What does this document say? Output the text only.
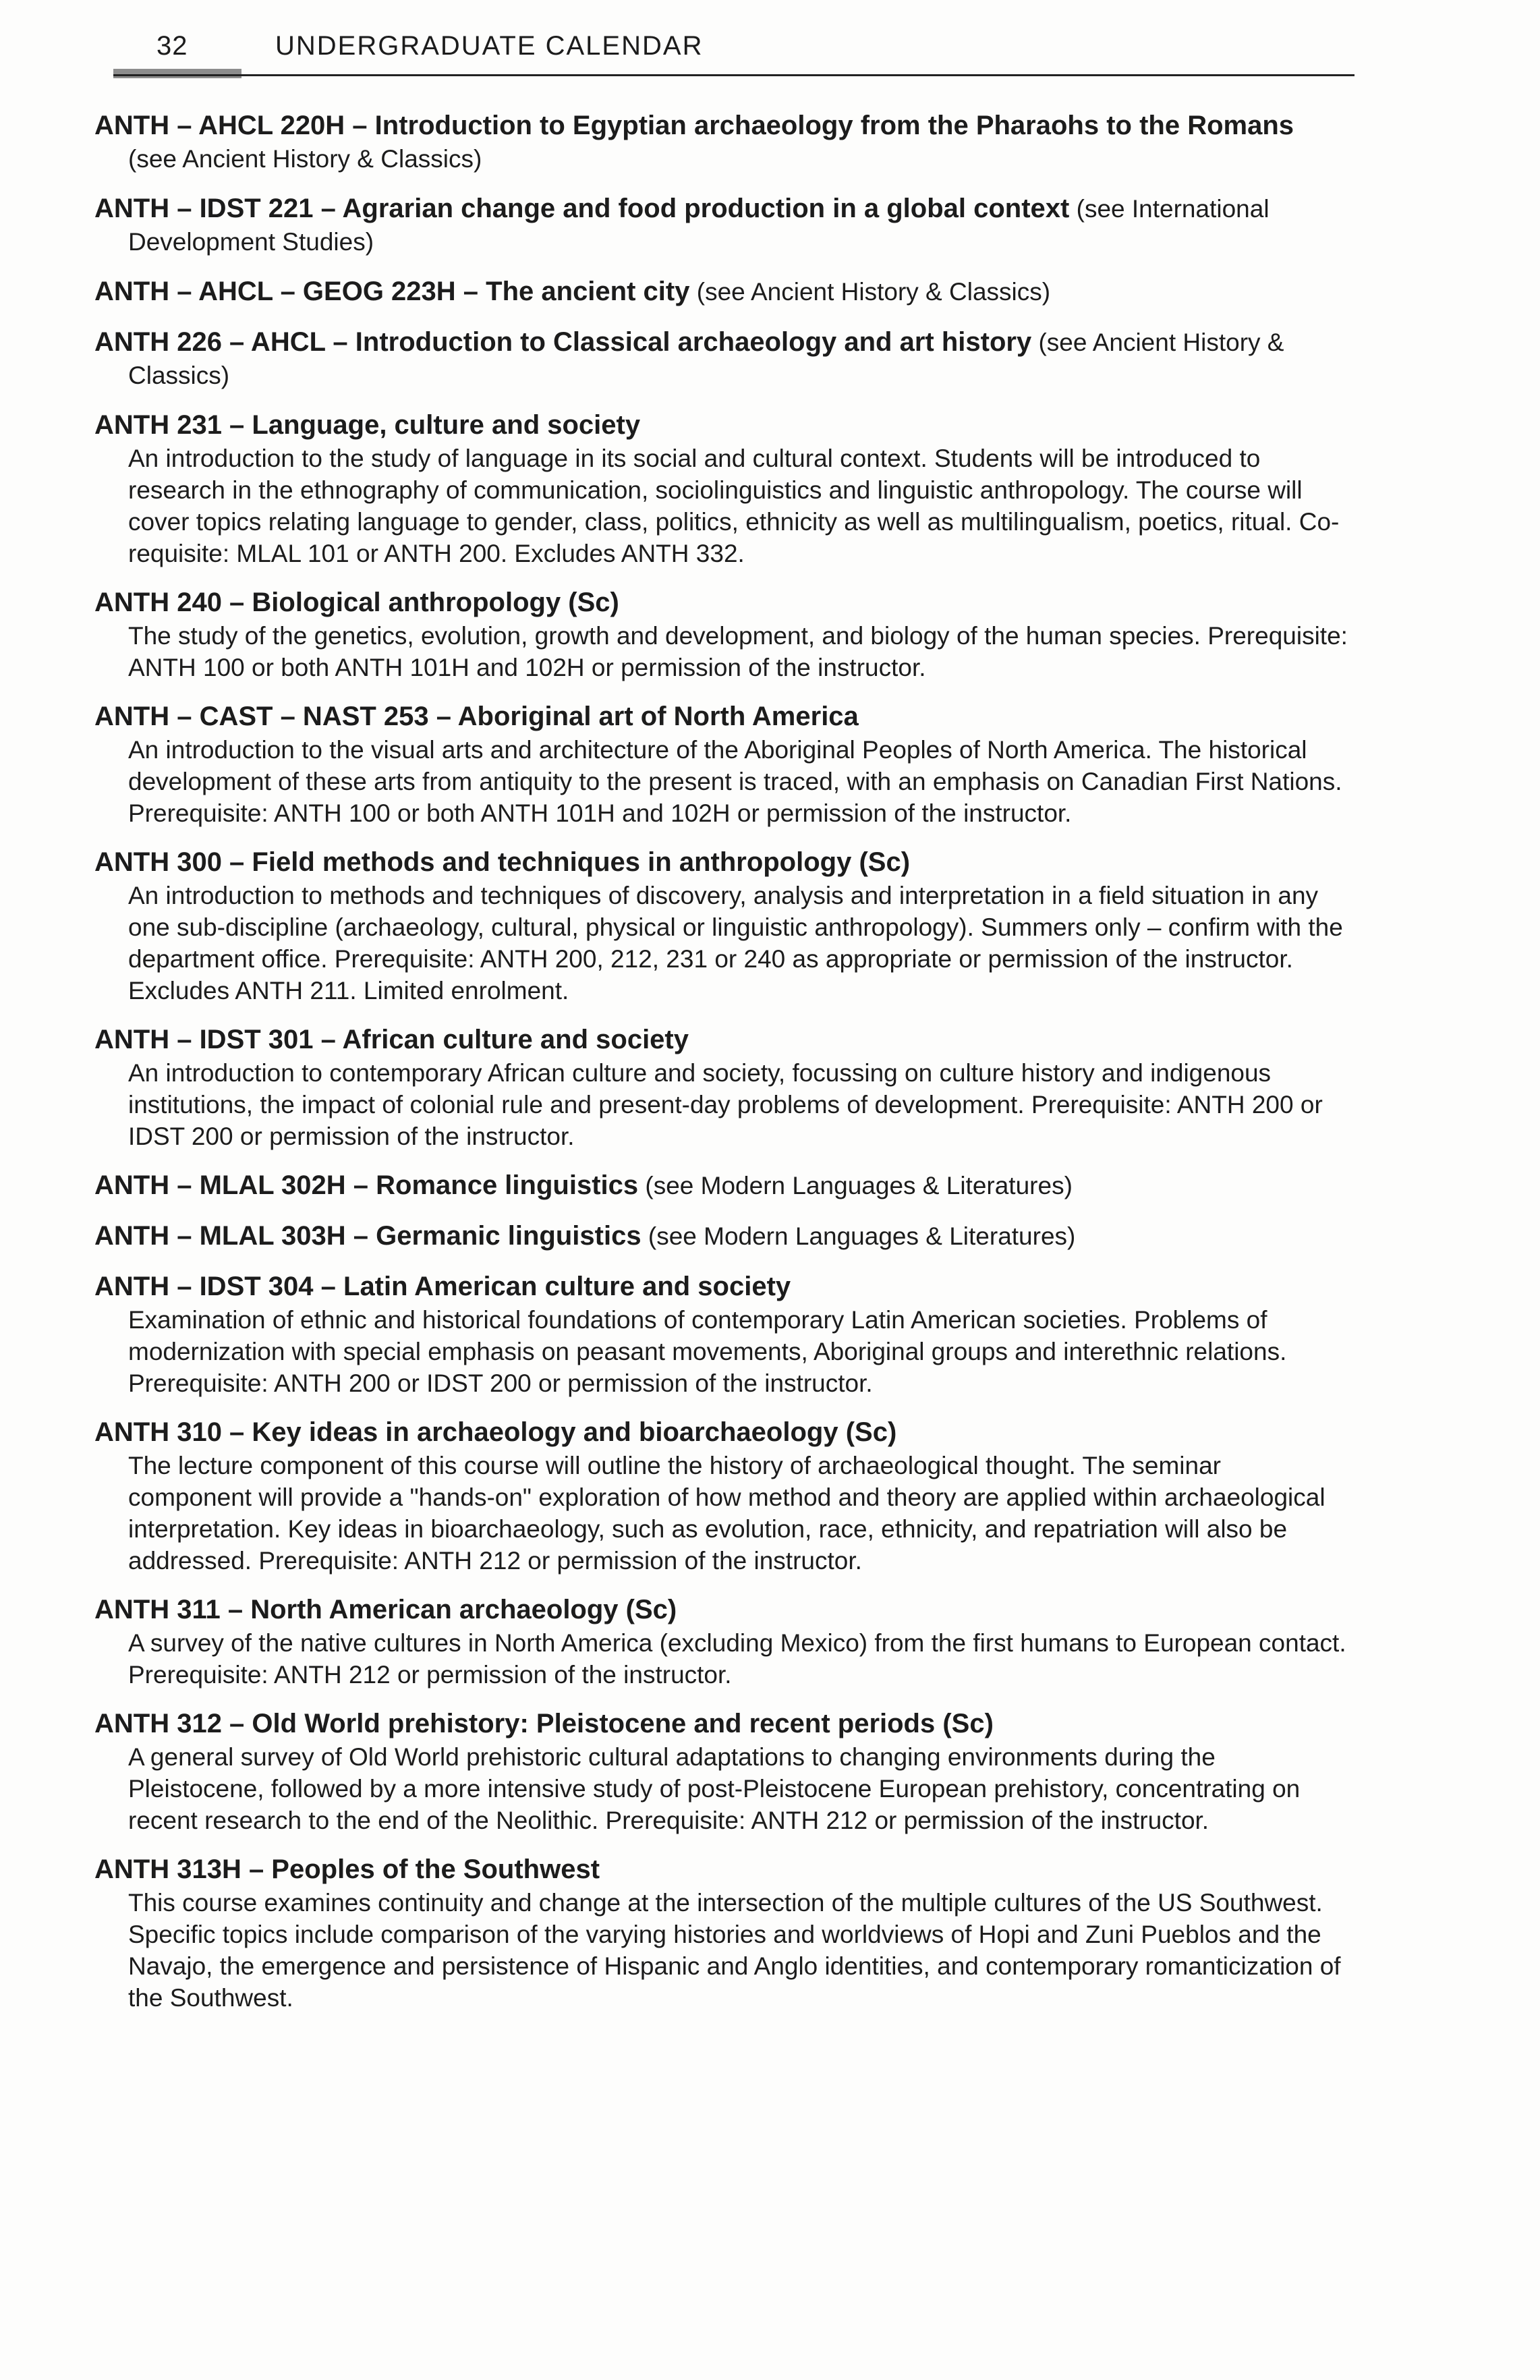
32	UNDERGRADUATE CALENDAR

ANTH – AHCL 220H – Introduction to Egyptian archaeology from the Pharaohs to the Romans (see Ancient History & Classics)

ANTH – IDST 221 – Agrarian change and food production in a global context (see International Development Studies)

ANTH – AHCL – GEOG 223H – The ancient city (see Ancient History & Classics)

ANTH 226 – AHCL – Introduction to Classical archaeology and art history (see Ancient History & Classics)

ANTH 231 – Language, culture and society
An introduction to the study of language in its social and cultural context. Students will be introduced to research in the ethnography of communication, sociolinguistics and linguistic anthropology. The course will cover topics relating language to gender, class, politics, ethnicity as well as multilingualism, poetics, ritual. Co-requisite: MLAL 101 or ANTH 200. Excludes ANTH 332.
ANTH 240 – Biological anthropology (Sc)
The study of the genetics, evolution, growth and development, and biology of the human species. Prerequisite: ANTH 100 or both ANTH 101H and 102H or permission of the instructor.
ANTH – CAST – NAST 253 – Aboriginal art of North America
An introduction to the visual arts and architecture of the Aboriginal Peoples of North America. The historical development of these arts from antiquity to the present is traced, with an emphasis on Canadian First Nations. Prerequisite: ANTH 100 or both ANTH 101H and 102H or permission of the instructor.
ANTH 300 – Field methods and techniques in anthropology (Sc)
An introduction to methods and techniques of discovery, analysis and interpretation in a field situation in any one sub-discipline (archaeology, cultural, physical or linguistic anthropology). Summers only – confirm with the department office. Prerequisite: ANTH 200, 212, 231 or 240 as appropriate or permission of the instructor. Excludes ANTH 211. Limited enrolment.
ANTH – IDST 301 – African culture and society
An introduction to contemporary African culture and society, focussing on culture history and indigenous institutions, the impact of colonial rule and present-day problems of development. Prerequisite: ANTH 200 or IDST 200 or permission of the instructor.

ANTH – MLAL 302H – Romance linguistics (see Modern Languages & Literatures)

ANTH – MLAL 303H – Germanic linguistics (see Modern Languages & Literatures)

ANTH – IDST 304 – Latin American culture and society
Examination of ethnic and historical foundations of contemporary Latin American societies. Problems of modernization with special emphasis on peasant movements, Aboriginal groups and interethnic relations. Prerequisite: ANTH 200 or IDST 200 or permission of the instructor.
ANTH 310 – Key ideas in archaeology and bioarchaeology (Sc)
The lecture component of this course will outline the history of archaeological thought. The seminar component will provide a "hands-on" exploration of how method and theory are applied within archaeological interpretation. Key ideas in bioarchaeology, such as evolution, race, ethnicity, and repatriation will also be addressed. Prerequisite: ANTH 212 or permission of the instructor.
ANTH 311 – North American archaeology (Sc)
A survey of the native cultures in North America (excluding Mexico) from the first humans to European contact. Prerequisite: ANTH 212 or permission of the instructor.
ANTH 312 – Old World prehistory: Pleistocene and recent periods (Sc)
A general survey of Old World prehistoric cultural adaptations to changing environments during the Pleistocene, followed by a more intensive study of post-Pleistocene European prehistory, concentrating on recent research to the end of the Neolithic. Prerequisite: ANTH 212 or permission of the instructor.
ANTH 313H – Peoples of the Southwest
This course examines continuity and change at the intersection of the multiple cultures of the US Southwest. Specific topics include comparison of the varying histories and worldviews of Hopi and Zuni Pueblos and the Navajo, the emergence and persistence of Hispanic and Anglo identities, and contemporary romanticization of the Southwest.
